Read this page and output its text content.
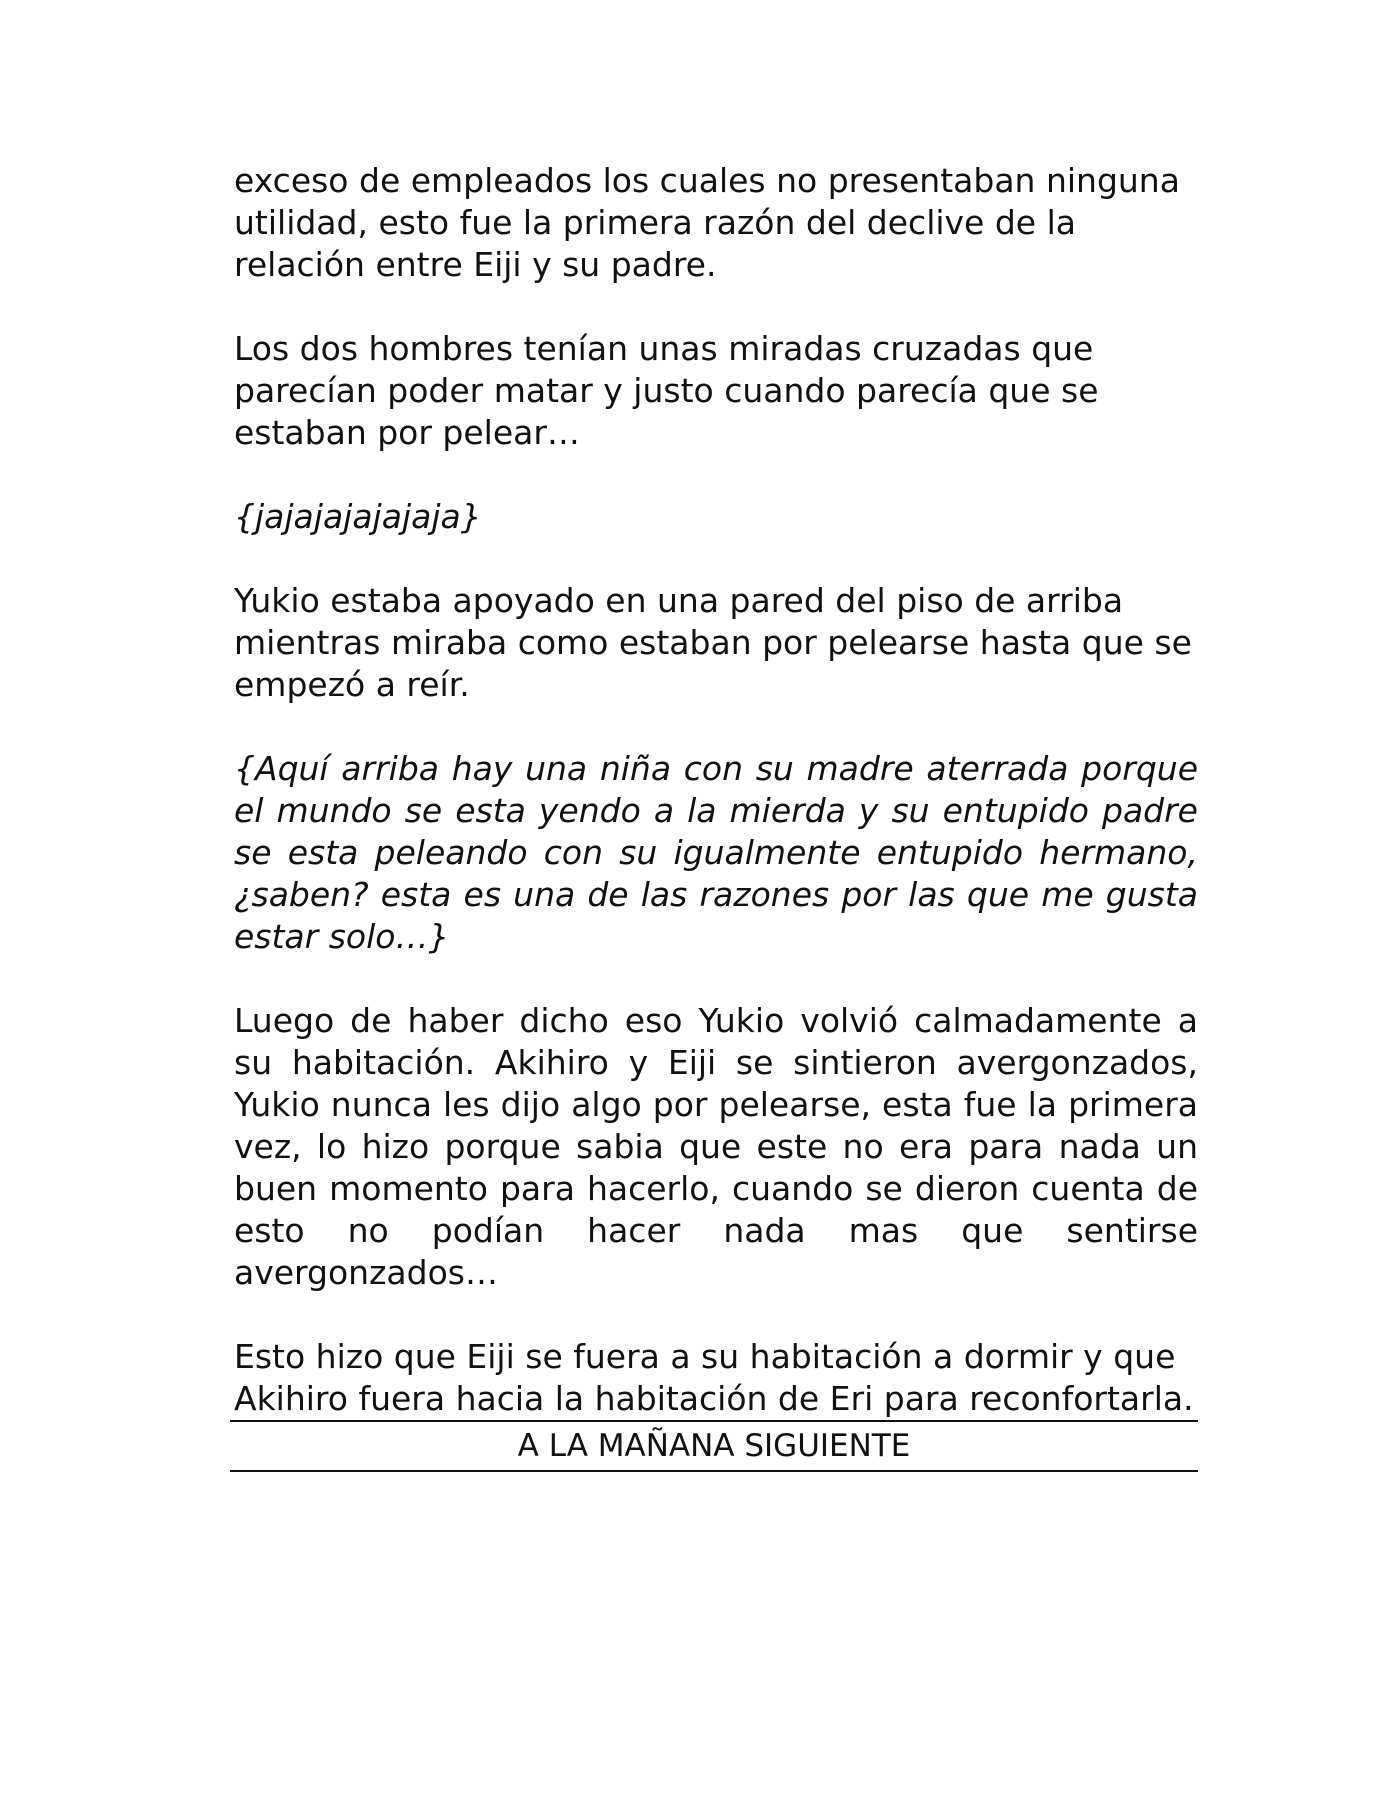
exceso de empleados los cuales no presentaban ninguna utilidad, esto fue la primera razón del declive de la relación entre Eiji y su padre.

Los dos hombres tenían unas miradas cruzadas que parecían poder matar y justo cuando parecía que se estaban por pelear…

{jajajajajajaja}

Yukio estaba apoyado en una pared del piso de arriba mientras miraba como estaban por pelearse hasta que se empezó a reír.

{Aquí arriba hay una niña con su madre aterrada porque el mundo se esta yendo a la mierda y su entupido padre se esta peleando con su igualmente entupido hermano, ¿saben? esta es una de las razones por las que me gusta estar solo…}

Luego de haber dicho eso Yukio volvió calmadamente a su habitación. Akihiro y Eiji se sintieron avergonzados, Yukio nunca les dijo algo por pelearse, esta fue la primera vez, lo hizo porque sabia que este no era para nada un buen momento para hacerlo, cuando se dieron cuenta de esto no podían hacer nada mas que sentirse avergonzados…

Esto hizo que Eiji se fuera a su habitación a dormir y que Akihiro fuera hacia la habitación de Eri para reconfortarla.

A LA MAÑANA SIGUIENTE
